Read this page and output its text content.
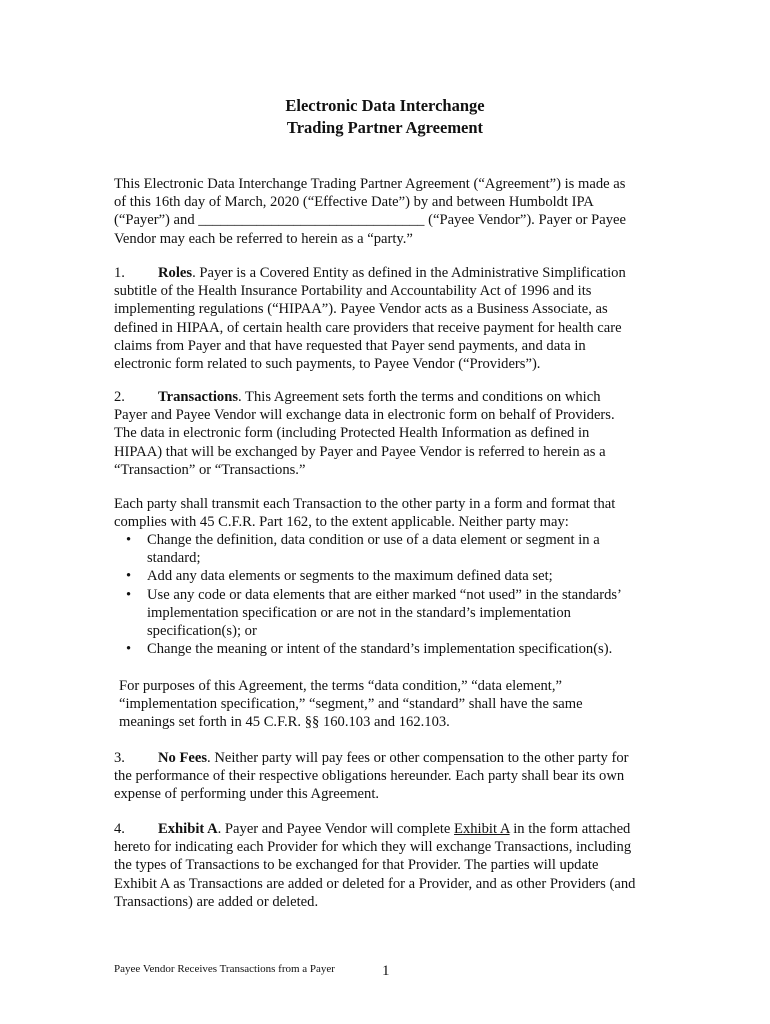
Electronic Data Interchange
Trading Partner Agreement
This Electronic Data Interchange Trading Partner Agreement (“Agreement”) is made as
of this 16th day of March, 2020 (“Effective Date”) by and between Humboldt IPA
(“Payer”) and _______________________________ (“Payee Vendor”). Payer or Payee
Vendor may each be referred to herein as a “party.”
1. Roles. Payer is a Covered Entity as defined in the Administrative Simplification
subtitle of the Health Insurance Portability and Accountability Act of 1996 and its
implementing regulations (“HIPAA”). Payee Vendor acts as a Business Associate, as
defined in HIPAA, of certain health care providers that receive payment for health care
claims from Payer and that have requested that Payer send payments, and data in
electronic form related to such payments, to Payee Vendor (“Providers”).
2. Transactions. This Agreement sets forth the terms and conditions on which
Payer and Payee Vendor will exchange data in electronic form on behalf of Providers.
The data in electronic form (including Protected Health Information as defined in
HIPAA) that will be exchanged by Payer and Payee Vendor is referred to herein as a
“Transaction” or “Transactions.”
Each party shall transmit each Transaction to the other party in a form and format that
complies with 45 C.F.R. Part 162, to the extent applicable. Neither party may:
• Change the definition, data condition or use of a data element or segment in a
standard;
• Add any data elements or segments to the maximum defined data set;
• Use any code or data elements that are either marked “not used” in the standards’
implementation specification or are not in the standard’s implementation
specification(s); or
• Change the meaning or intent of the standard’s implementation specification(s).
For purposes of this Agreement, the terms “data condition,” “data element,”
“implementation specification,” “segment,” and “standard” shall have the same
meanings set forth in 45 C.F.R. §§ 160.103 and 162.103.
3. No Fees. Neither party will pay fees or other compensation to the other party for
the performance of their respective obligations hereunder. Each party shall bear its own
expense of performing under this Agreement.
4. Exhibit A. Payer and Payee Vendor will complete Exhibit A in the form attached
hereto for indicating each Provider for which they will exchange Transactions, including
the types of Transactions to be exchanged for that Provider. The parties will update
Exhibit A as Transactions are added or deleted for a Provider, and as other Providers (and
Transactions) are added or deleted.
Payee Vendor Receives Transactions from a Payer	1
